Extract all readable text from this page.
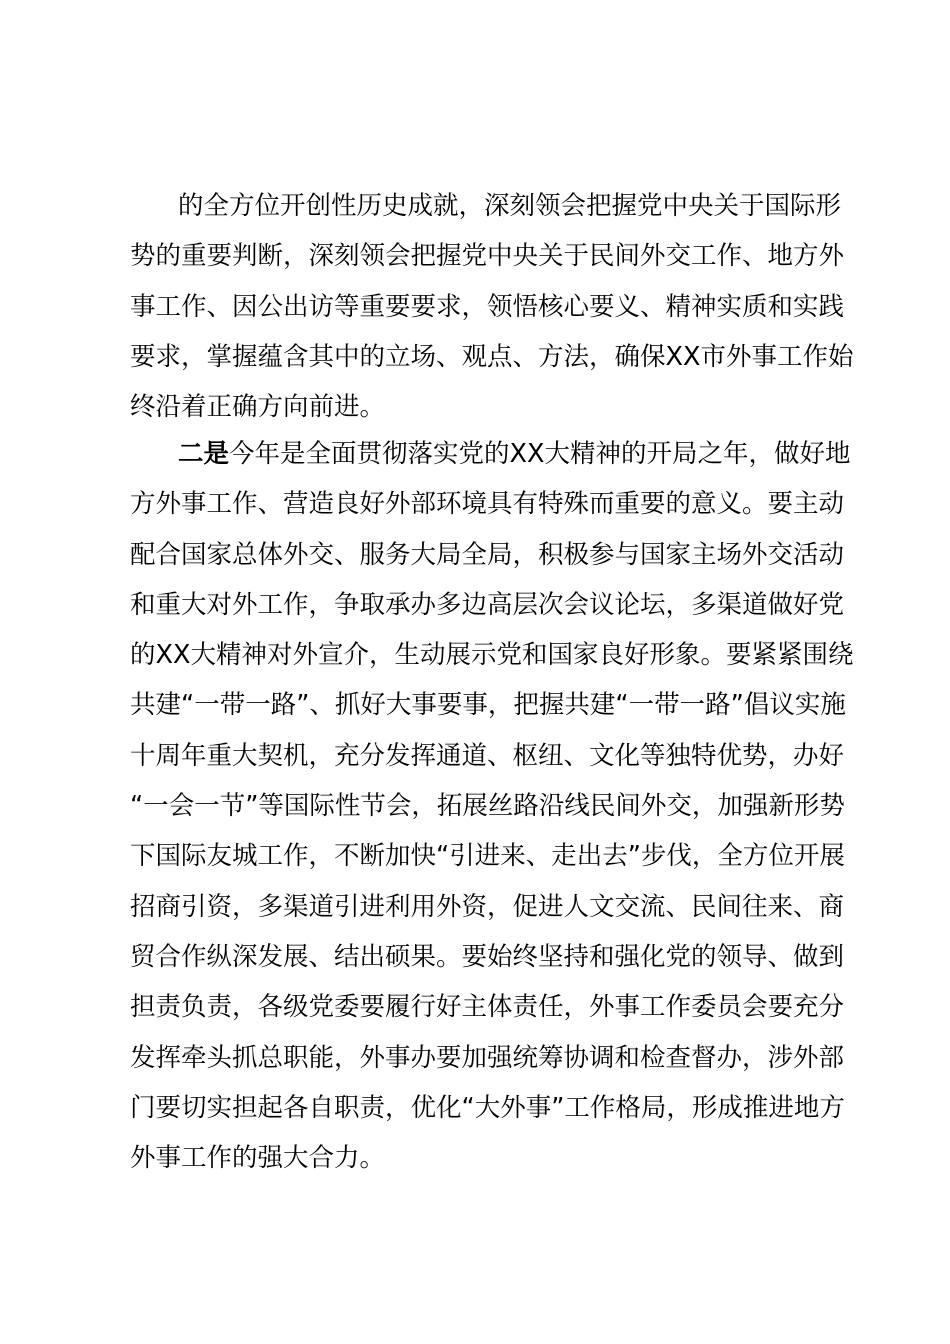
的全方位开创性历史成就，深刻领会把握党中央关于国际形
势的重要判断，深刻领会把握党中央关于民间外交工作、地方外
事工作、因公出访等重要要求，领悟核心要义、精神实质和实践
要求，掌握蕴含其中的立场、观点、方法，确保XX市外事工作始
终沿着正确方向前进。
二是今年是全面贯彻落实党的XX大精神的开局之年，做好地
方外事工作、营造良好外部环境具有特殊而重要的意义。要主动
配合国家总体外交、服务大局全局，积极参与国家主场外交活动
和重大对外工作，争取承办多边高层次会议论坛，多渠道做好党
的XX大精神对外宣介，生动展示党和国家良好形象。要紧紧围绕
共建“一带一路”、抓好大事要事，把握共建“一带一路”倡议实施
十周年重大契机，充分发挥通道、枢纽、文化等独特优势，办好
“一会一节”等国际性节会，拓展丝路沿线民间外交，加强新形势
下国际友城工作，不断加快“引进来、走出去”步伐，全方位开展
招商引资，多渠道引进利用外资，促进人文交流、民间往来、商
贸合作纵深发展、结出硕果。要始终坚持和强化党的领导、做到
担责负责，各级党委要履行好主体责任，外事工作委员会要充分
发挥牵头抓总职能，外事办要加强统筹协调和检查督办，涉外部
门要切实担起各自职责，优化“大外事”工作格局，形成推进地方
外事工作的强大合力。
